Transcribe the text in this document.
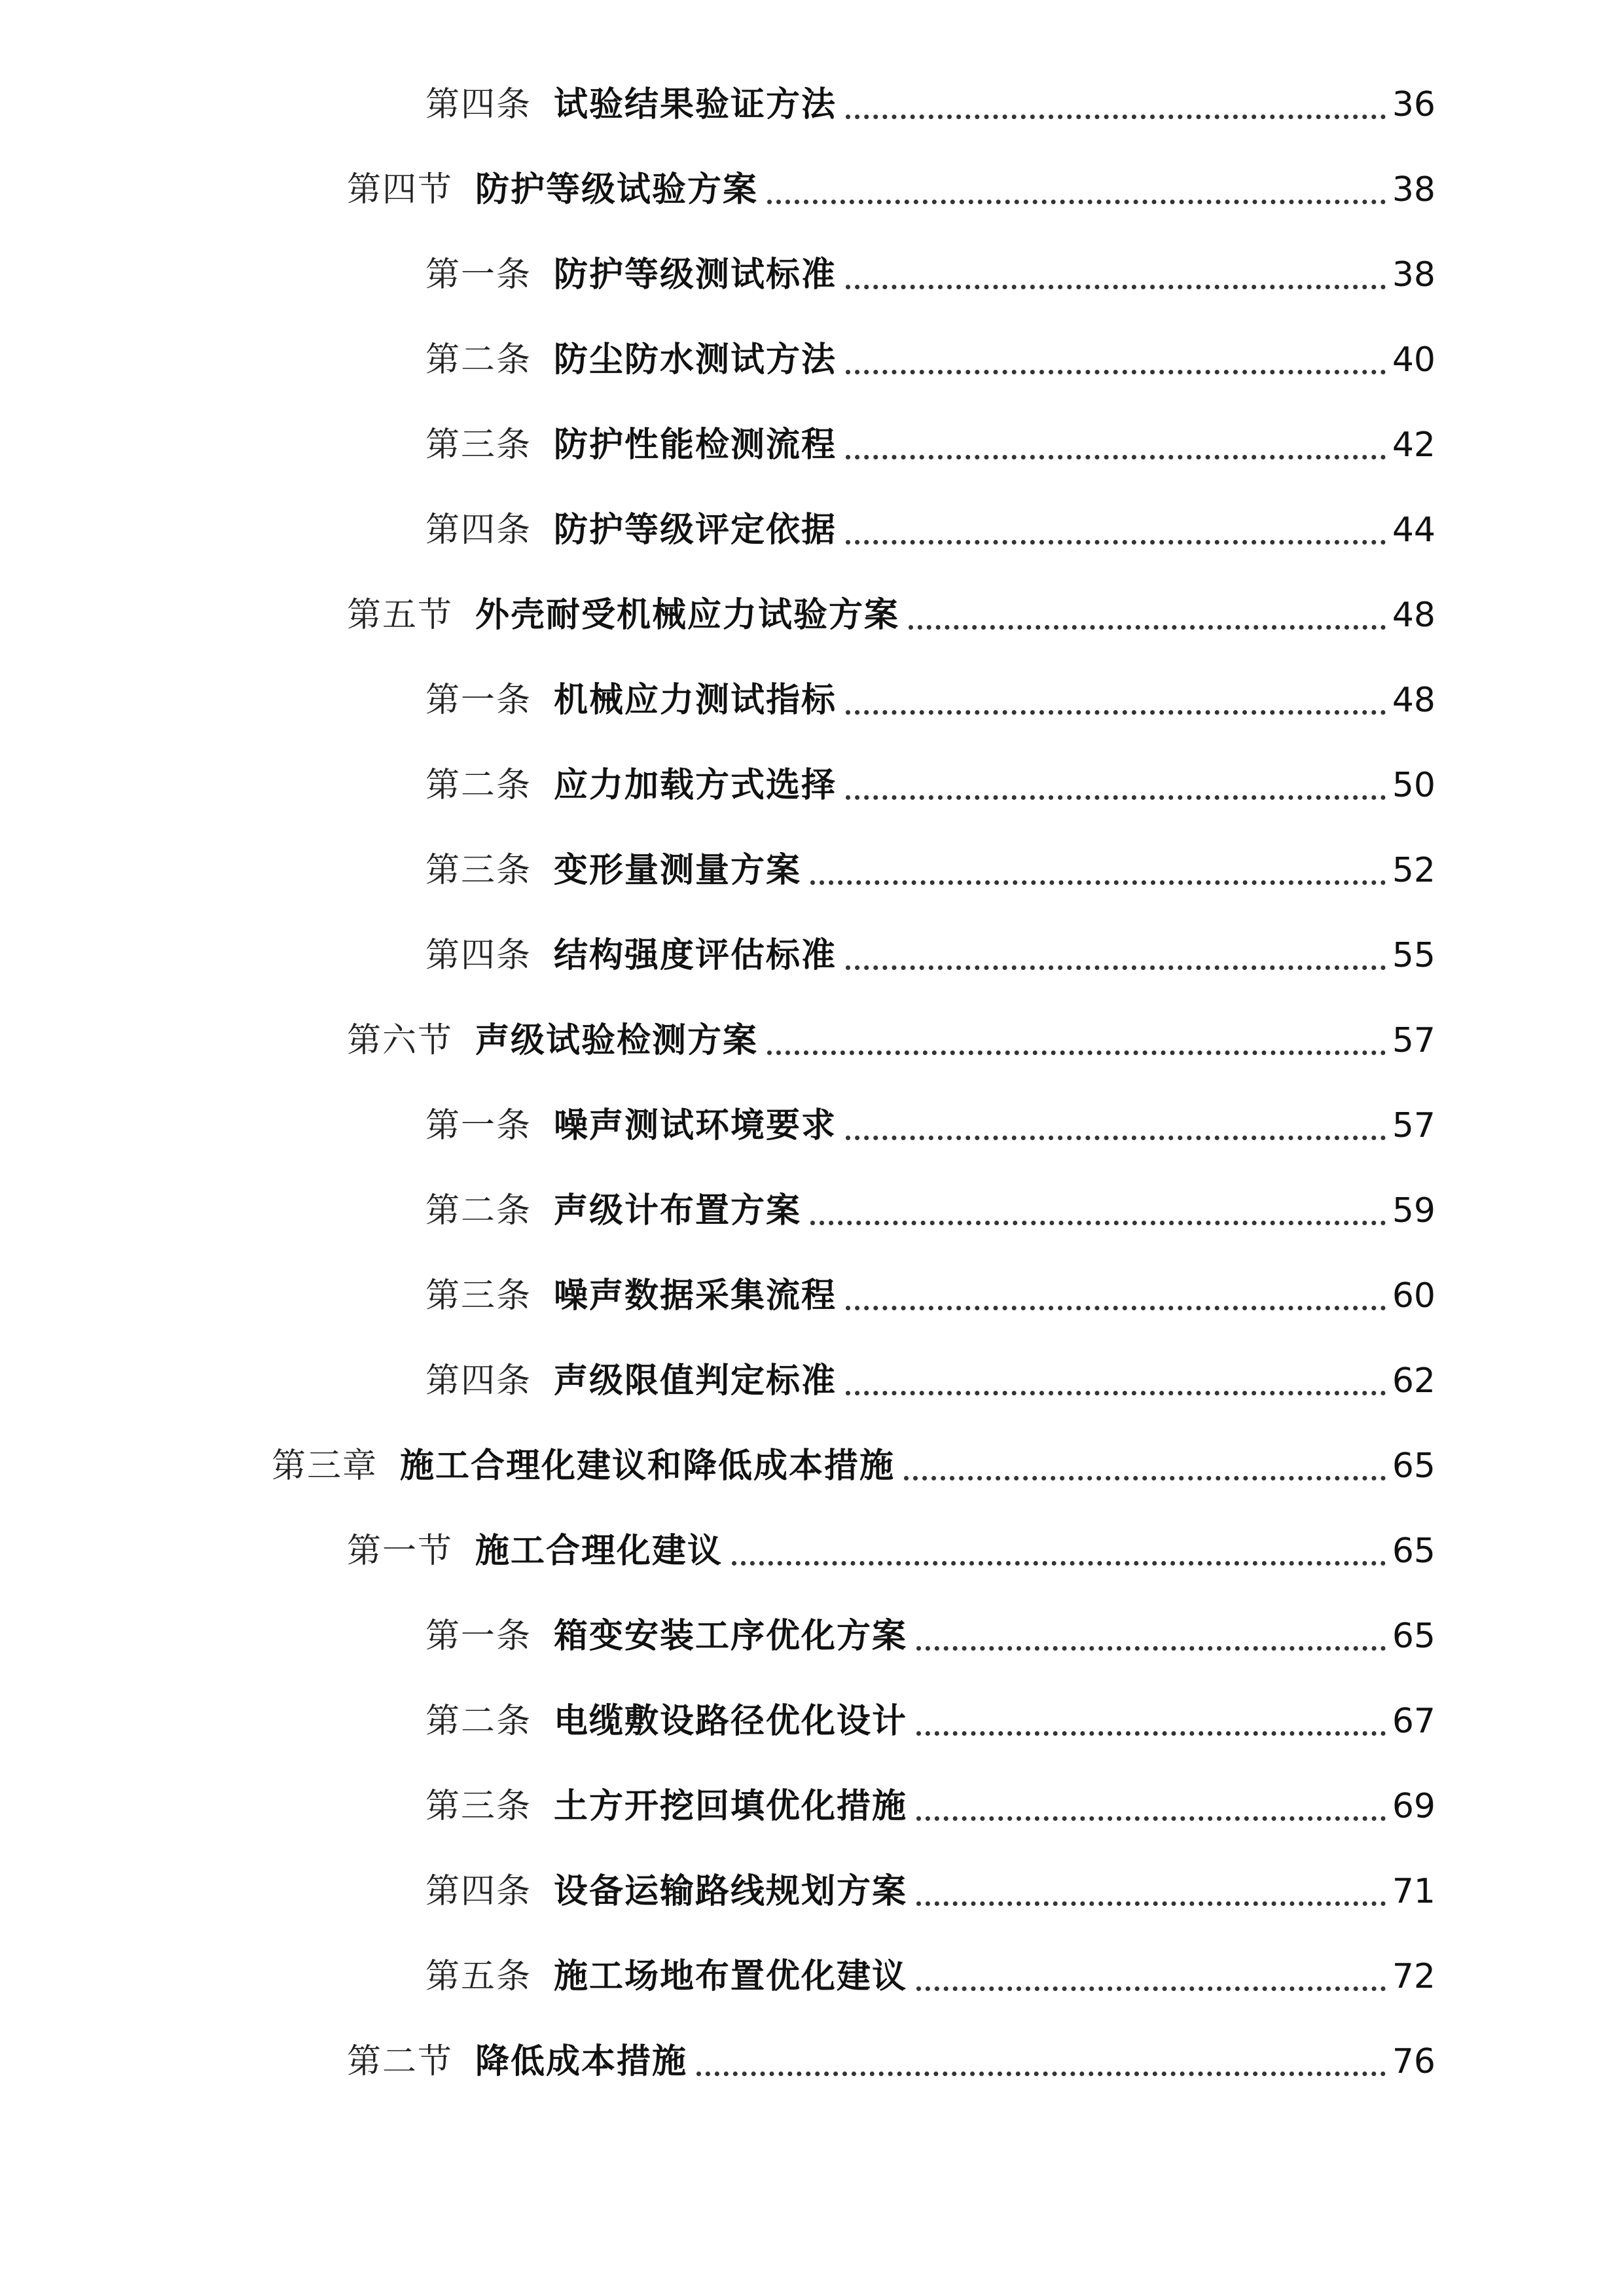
第四条 试验结果验证方法	36
第四节 防护等级试验方案	38
第一条 防护等级测试标准	38
第二条 防尘防水测试方法	40
第三条 防护性能检测流程	42
第四条 防护等级评定依据	44
第五节 外壳耐受机械应力试验方案	48
第一条 机械应力测试指标	48
第二条 应力加载方式选择	50
第三条 变形量测量方案	52
第四条 结构强度评估标准	55
第六节 声级试验检测方案	57
第一条 噪声测试环境要求	57
第二条 声级计布置方案	59
第三条 噪声数据采集流程	60
第四条 声级限值判定标准	62
第三章 施工合理化建议和降低成本措施	65
第一节 施工合理化建议	65
第一条 箱变安装工序优化方案	65
第二条 电缆敷设路径优化设计	67
第三条 土方开挖回填优化措施	69
第四条 设备运输路线规划方案	71
第五条 施工场地布置优化建议	72
第二节 降低成本措施	76
